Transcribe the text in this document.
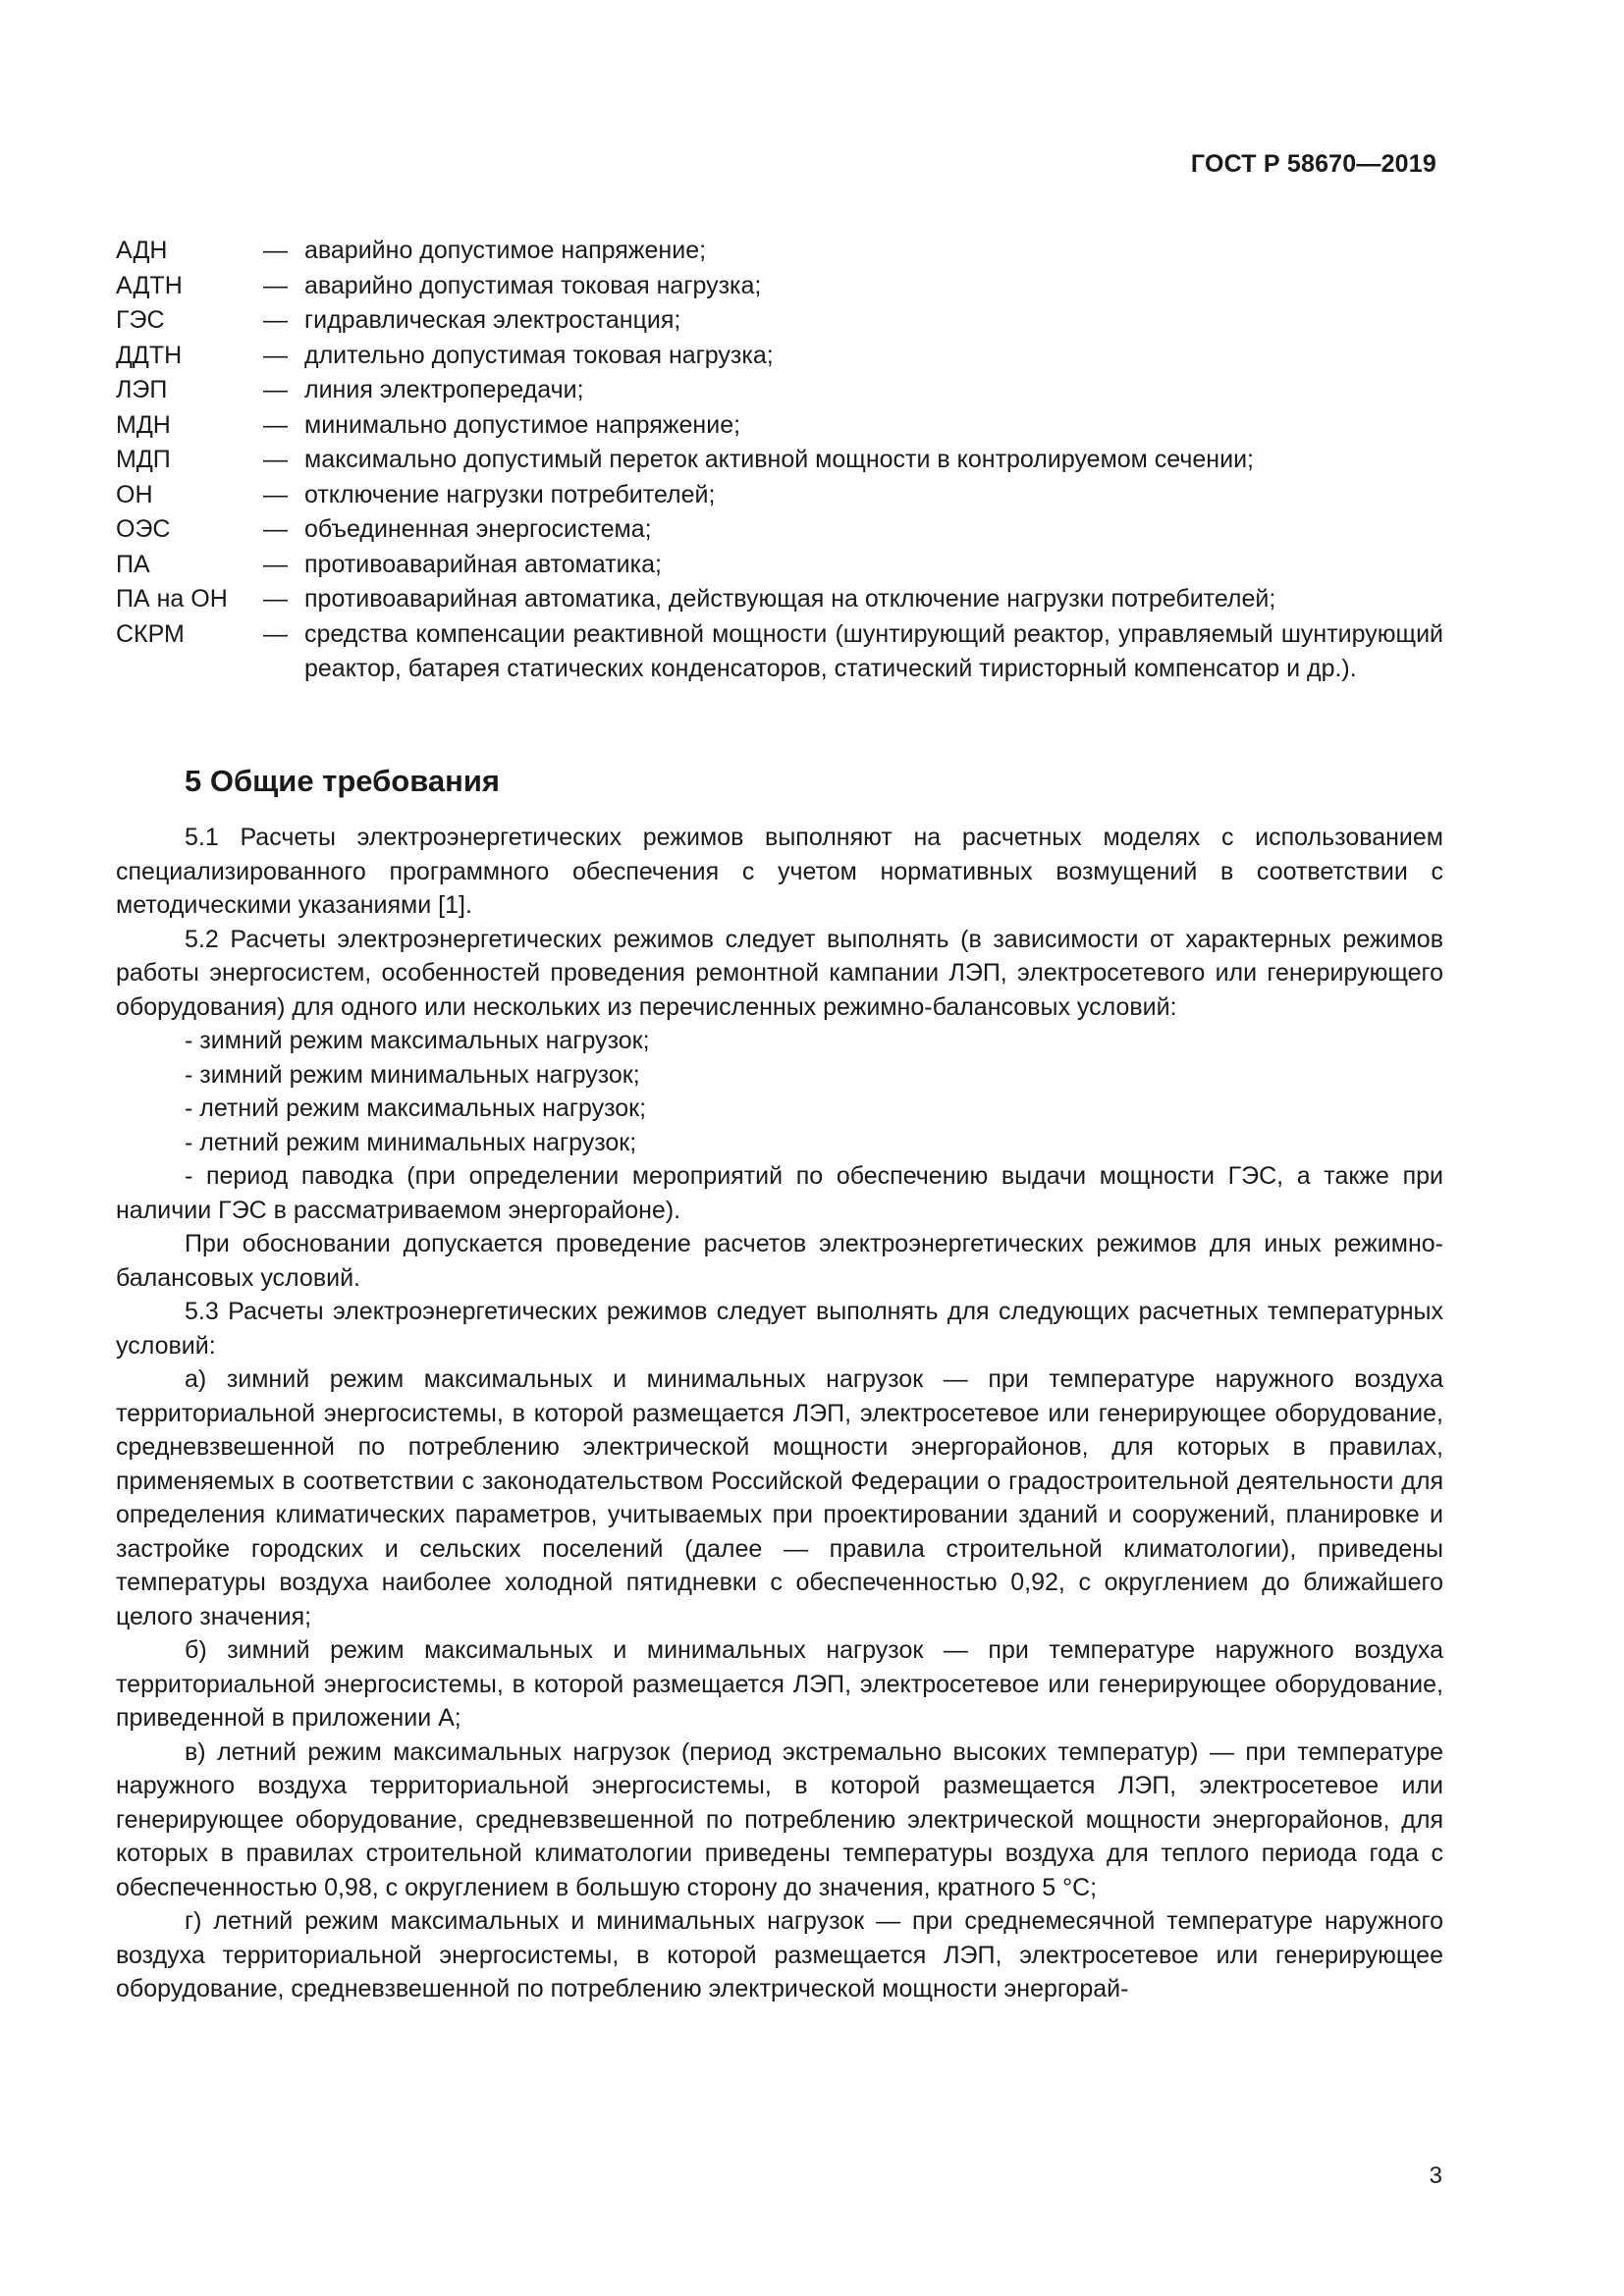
ГОСТ Р 58670—2019
АДН	— аварийно допустимое напряжение;
АДТН	— аварийно допустимая токовая нагрузка;
ГЭС	— гидравлическая электростанция;
ДДТН	— длительно допустимая токовая нагрузка;
ЛЭП	— линия электропередачи;
МДН	— минимально допустимое напряжение;
МДП	— максимально допустимый переток активной мощности в контролируемом сечении;
ОН	— отключение нагрузки потребителей;
ОЭС	— объединенная энергосистема;
ПА	— противоаварийная автоматика;
ПА на ОН	— противоаварийная автоматика, действующая на отключение нагрузки потребителей;
СКРМ	— средства компенсации реактивной мощности (шунтирующий реактор, управляемый шунтирующий реактор, батарея статических конденсаторов, статический тиристорный компенсатор и др.).
5 Общие требования

5.1 Расчеты электроэнергетических режимов выполняют на расчетных моделях с использованием специализированного программного обеспечения с учетом нормативных возмущений в соответствии с методическими указаниями [1].

5.2 Расчеты электроэнергетических режимов следует выполнять (в зависимости от характерных режимов работы энергосистем, особенностей проведения ремонтной кампании ЛЭП, электросетевого или генерирующего оборудования) для одного или нескольких из перечисленных режимно-балансовых условий:

- зимний режим максимальных нагрузок;

- зимний режим минимальных нагрузок;

- летний режим максимальных нагрузок;

- летний режим минимальных нагрузок;

- период паводка (при определении мероприятий по обеспечению выдачи мощности ГЭС, а также при наличии ГЭС в рассматриваемом энергорайоне).

При обосновании допускается проведение расчетов электроэнергетических режимов для иных режимно-балансовых условий.

5.3 Расчеты электроэнергетических режимов следует выполнять для следующих расчетных температурных условий:

а) зимний режим максимальных и минимальных нагрузок — при температуре наружного воздуха территориальной энергосистемы, в которой размещается ЛЭП, электросетевое или генерирующее оборудование, средневзвешенной по потреблению электрической мощности энергорайонов, для которых в правилах, применяемых в соответствии с законодательством Российской Федерации о градостроительной деятельности для определения климатических параметров, учитываемых при проектировании зданий и сооружений, планировке и застройке городских и сельских поселений (далее — правила строительной климатологии), приведены температуры воздуха наиболее холодной пятидневки с обеспеченностью 0,92, с округлением до ближайшего целого значения;

б) зимний режим максимальных и минимальных нагрузок — при температуре наружного воздуха территориальной энергосистемы, в которой размещается ЛЭП, электросетевое или генерирующее оборудование, приведенной в приложении А;

в) летний режим максимальных нагрузок (период экстремально высоких температур) — при температуре наружного воздуха территориальной энергосистемы, в которой размещается ЛЭП, электросетевое или генерирующее оборудование, средневзвешенной по потреблению электрической мощности энергорайонов, для которых в правилах строительной климатологии приведены температуры воздуха для теплого периода года с обеспеченностью 0,98, с округлением в большую сторону до значения, кратного 5 °С;

г) летний режим максимальных и минимальных нагрузок — при среднемесячной температуре наружного воздуха территориальной энергосистемы, в которой размещается ЛЭП, электросетевое или генерирующее оборудование, средневзвешенной по потреблению электрической мощности энергорай-

3
